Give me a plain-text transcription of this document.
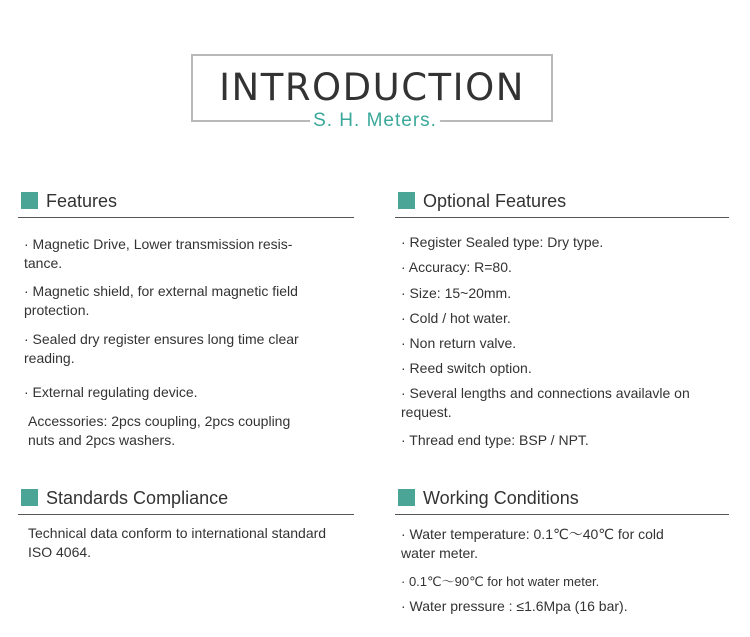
INTRODUCTION
S. H. Meters.
Features
· Magnetic Drive, Lower transmission resis- tance.
· Magnetic shield, for external magnetic field protection.
· Sealed dry register ensures long time clear reading.
· External regulating device.
Accessories: 2pcs coupling, 2pcs coupling nuts and 2pcs washers.
Optional Features
· Register Sealed type: Dry type.
· Accuracy: R=80.
· Size: 15~20mm.
· Cold / hot water.
· Non return valve.
· Reed switch option.
· Several lengths and connections availavle on request.
· Thread end type: BSP / NPT.
Standards Compliance
Technical data conform to international standard ISO 4064.
Working Conditions
· Water temperature: 0.1℃～40℃ for cold water meter.
· 0.1℃～90℃ for hot water meter.
· Water pressure : ≤1.6Mpa (16 bar).
